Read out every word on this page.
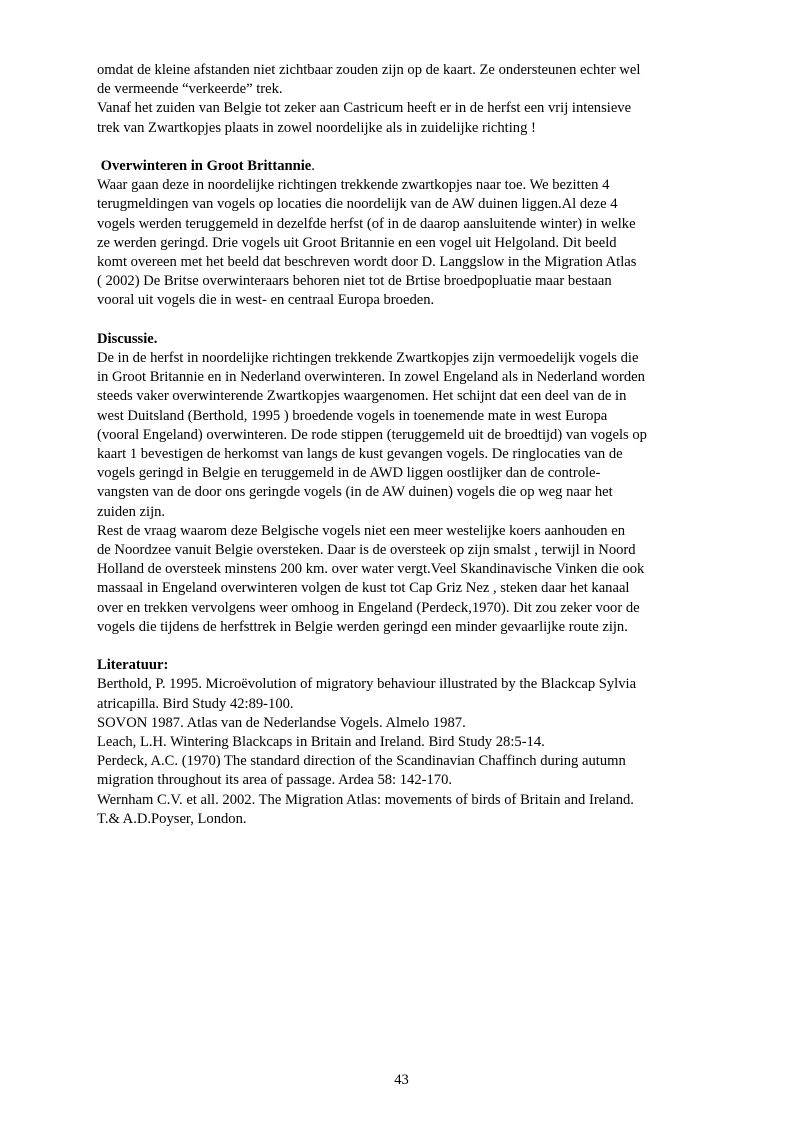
omdat de kleine afstanden niet zichtbaar zouden zijn op de kaart. Ze ondersteunen echter wel
de vermeende “verkeerde” trek.

Vanaf het zuiden van Belgie tot zeker aan Castricum heeft er in de herfst een vrij intensieve
trek van Zwartkopjes plaats in zowel noordelijke als in zuidelijke richting !

Overwinteren in Groot Brittannie.

Waar gaan deze in noordelijke richtingen trekkende zwartkopjes naar toe. We bezitten 4
terugmeldingen van vogels op locaties die noordelijk van de AW duinen liggen.Al deze 4
vogels werden teruggemeld in dezelfde herfst (of in de daarop aansluitende winter) in welke
ze werden geringd. Drie vogels uit Groot Britannie en een vogel uit Helgoland. Dit beeld
komt overeen met het beeld dat beschreven wordt door D. Langgslow in the Migration Atlas
( 2002) De Britse overwinteraars behoren niet tot de Brtise broedpopluatie maar bestaan
vooral uit vogels die in west- en centraal Europa broeden.

Discussie.

De in de herfst in noordelijke richtingen trekkende Zwartkopjes zijn vermoedelijk vogels die
in Groot Britannie en in Nederland overwinteren. In zowel Engeland als in Nederland worden
steeds vaker overwinterende Zwartkopjes waargenomen. Het schijnt dat een deel van de in
west Duitsland (Berthold, 1995 ) broedende vogels in toenemende mate in west Europa
(vooral Engeland) overwinteren. De rode stippen (teruggemeld uit de broedtijd) van vogels op
kaart 1 bevestigen de herkomst van langs de kust gevangen vogels. De ringlocaties van de
vogels geringd in Belgie en teruggemeld in de AWD liggen oostlijker dan de controle-
vangsten van de door ons geringde vogels (in de AW duinen) vogels die op weg naar het
zuiden zijn.

Rest de vraag waarom deze Belgische vogels niet een meer westelijke koers aanhouden en
de Noordzee vanuit Belgie oversteken. Daar is de oversteek op zijn smalst , terwijl in Noord
Holland de oversteek minstens 200 km. over water vergt.Veel Skandinavische Vinken die ook
massaal in Engeland overwinteren volgen de kust tot Cap Griz Nez , steken daar het kanaal
over en trekken vervolgens weer omhoog in Engeland (Perdeck,1970). Dit zou zeker voor de
vogels die tijdens de herfsttrek in Belgie werden geringd een minder gevaarlijke route zijn.

Literatuur:

Berthold, P. 1995. Microëvolution of migratory behaviour illustrated by the Blackcap Sylvia
atricapilla. Bird Study 42:89-100.

SOVON 1987. Atlas van de Nederlandse Vogels. Almelo 1987.

Leach, L.H. Wintering Blackcaps in Britain and Ireland. Bird Study 28:5-14.

Perdeck, A.C. (1970) The standard direction of the Scandinavian Chaffinch during autumn
migration throughout its area of passage. Ardea 58: 142-170.

Wernham C.V. et all. 2002. The Migration Atlas: movements of birds of Britain and Ireland.
T.& A.D.Poyser, London.

43
